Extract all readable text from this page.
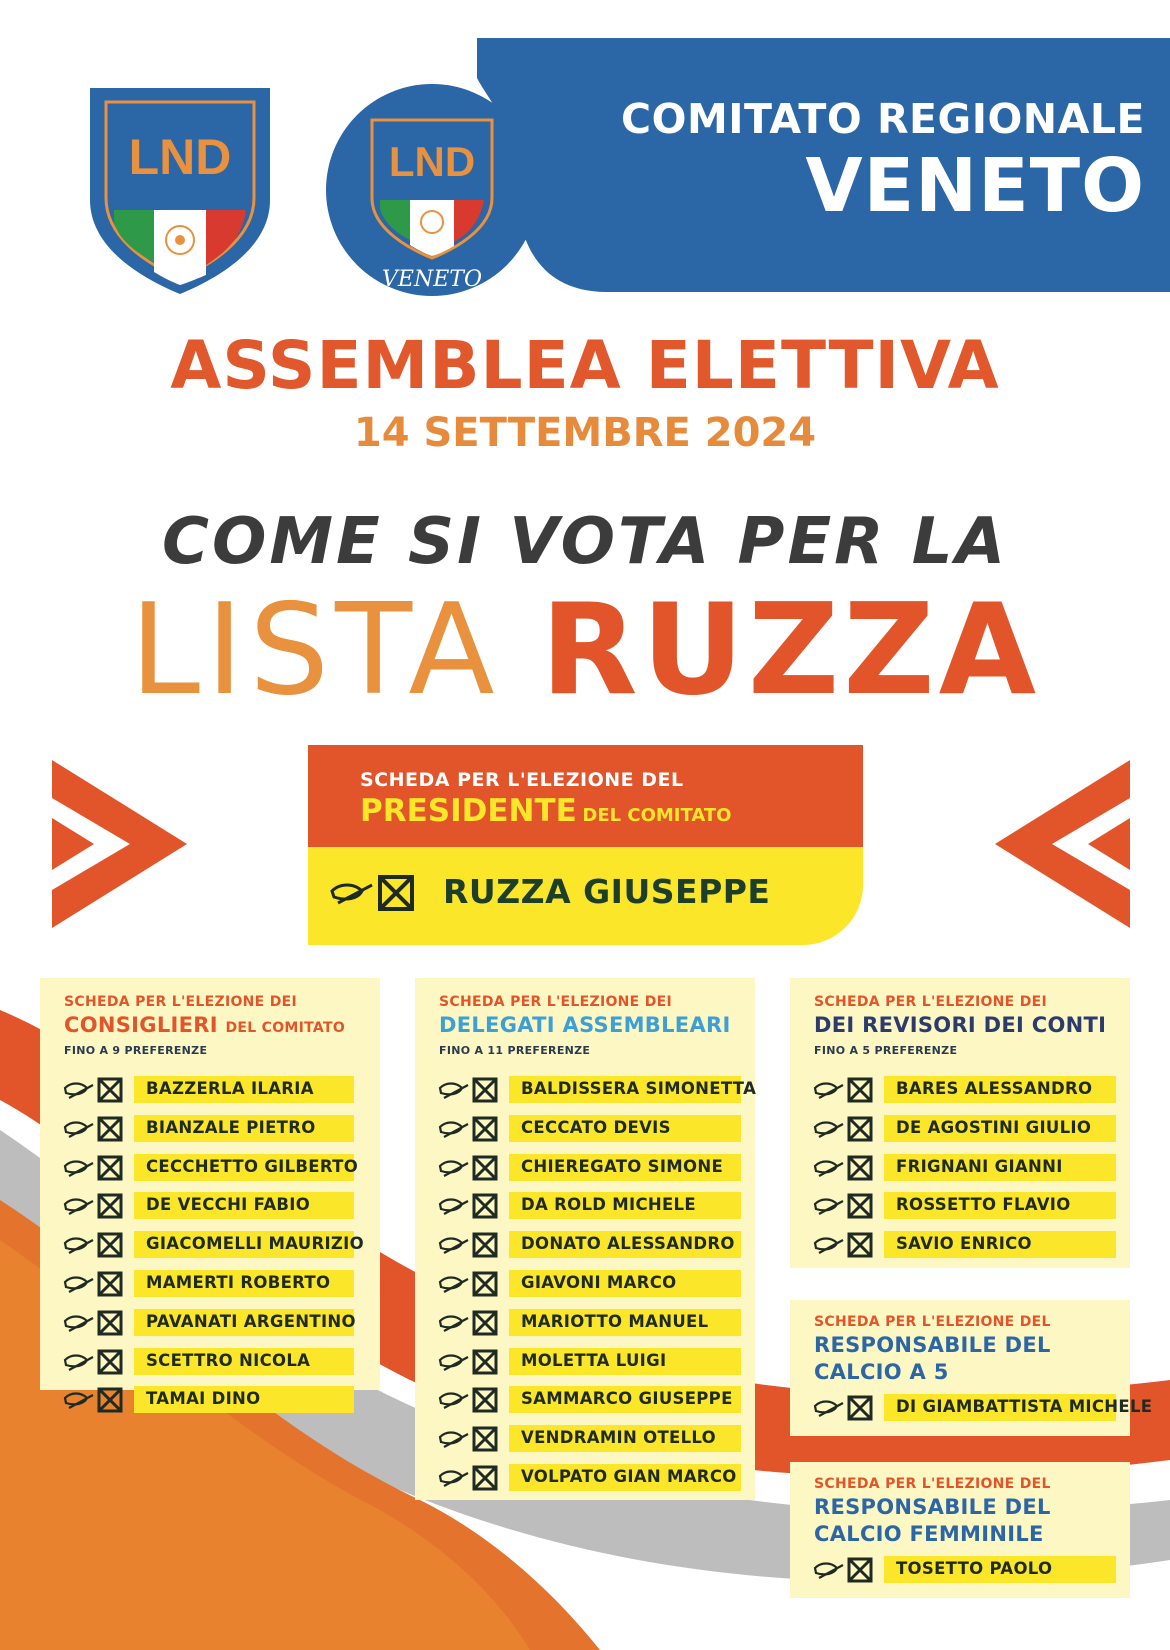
COMITATO REGIONALE
VENETO
LND	LND
VENETO
ASSEMBLEA ELETTIVA
14 SETTEMBRE 2024
COME SI VOTA PER LA
LISTA RUZZA
SCHEDA PER L'ELEZIONE DEL
PRESIDENTE DEL COMITATO
RUZZA GIUSEPPE
SCHEDA PER L'ELEZIONE DEI
CONSIGLIERI DEL COMITATO
FINO A 9 PREFERENZE
BAZZERLA ILARIA
BIANZALE PIETRO
CECCHETTO GILBERTO
DE VECCHI FABIO
GIACOMELLI MAURIZIO
MAMERTI ROBERTO
PAVANATI ARGENTINO
SCETTRO NICOLA
TAMAI DINO
SCHEDA PER L'ELEZIONE DEI
DELEGATI ASSEMBLEARI
FINO A 11 PREFERENZE
BALDISSERA SIMONETTA
CECCATO DEVIS
CHIEREGATO SIMONE
DA ROLD MICHELE
DONATO ALESSANDRO
GIAVONI MARCO
MARIOTTO MANUEL
MOLETTA LUIGI
SAMMARCO GIUSEPPE
VENDRAMIN OTELLO
VOLPATO GIAN MARCO
SCHEDA PER L'ELEZIONE DEI
DEI REVISORI DEI CONTI
FINO A 5 PREFERENZE
BARES ALESSANDRO
DE AGOSTINI GIULIO
FRIGNANI GIANNI
ROSSETTO FLAVIO
SAVIO ENRICO
SCHEDA PER L'ELEZIONE DEL
RESPONSABILE DEL
CALCIO A 5
DI GIAMBATTISTA MICHELE
SCHEDA PER L'ELEZIONE DEL
RESPONSABILE DEL
CALCIO FEMMINILE
TOSETTO PAOLO
